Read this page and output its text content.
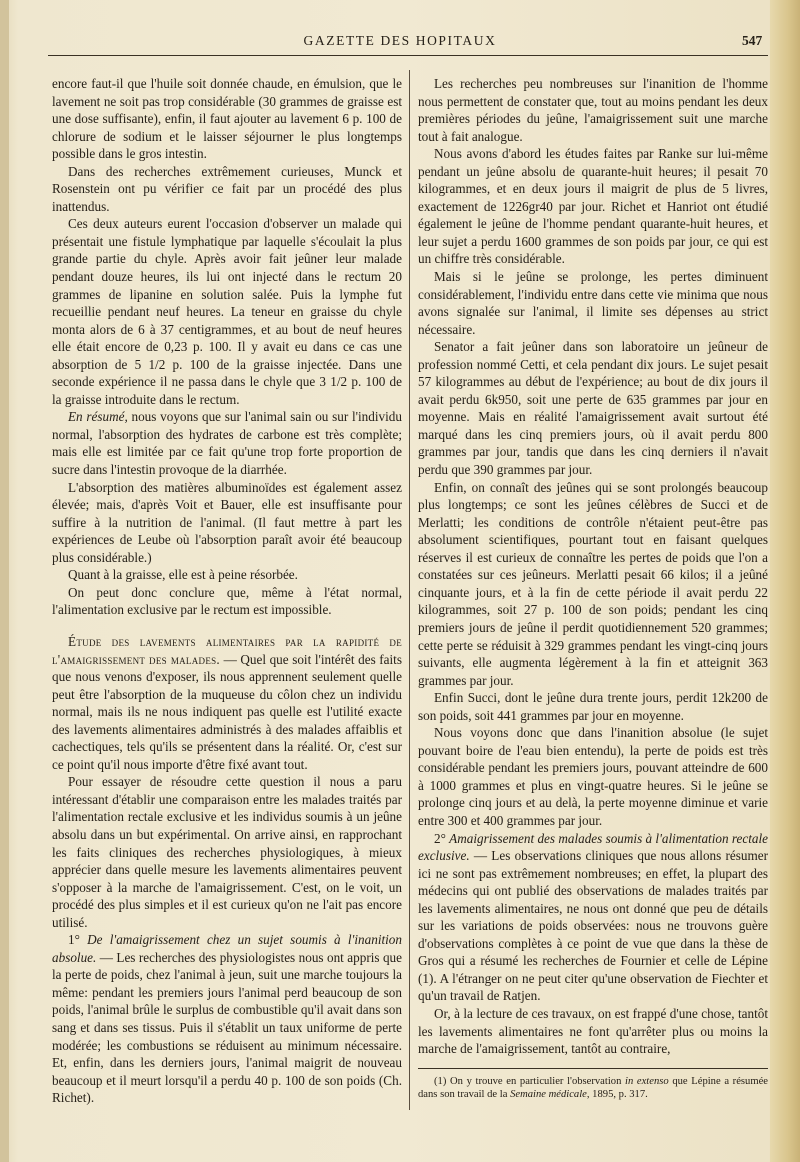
GAZETTE DES HOPITAUX	547

encore faut-il que l'huile soit donnée chaude, en émulsion, que le lavement ne soit pas trop considérable (30 grammes de graisse est une dose suffisante), enfin, il faut ajouter au lavement 6 p. 100 de chlorure de sodium et le laisser séjourner le plus longtemps possible dans le gros intestin.

Dans des recherches extrêmement curieuses, Munck et Rosenstein ont pu vérifier ce fait par un procédé des plus inattendus.

Ces deux auteurs eurent l'occasion d'observer un malade qui présentait une fistule lymphatique par laquelle s'écoulait la plus grande partie du chyle. Après avoir fait jeûner leur malade pendant douze heures, ils lui ont injecté dans le rectum 20 grammes de lipanine en solution salée. Puis la lymphe fut recueillie pendant neuf heures. La teneur en graisse du chyle monta alors de 6 à 37 centigrammes, et au bout de neuf heures elle était encore de 0,23 p. 100. Il y avait eu dans ce cas une absorption de 5 1/2 p. 100 de la graisse injectée. Dans une seconde expérience il ne passa dans le chyle que 3 1/2 p. 100 de la graisse introduite dans le rectum.

En résumé, nous voyons que sur l'animal sain ou sur l'individu normal, l'absorption des hydrates de carbone est très complète; mais elle est limitée par ce fait qu'une trop forte proportion de sucre dans l'intestin provoque de la diarrhée.

L'absorption des matières albuminoïdes est également assez élevée; mais, d'après Voit et Bauer, elle est insuffisante pour suffire à la nutrition de l'animal. (Il faut mettre à part les expériences de Leube où l'absorption paraît avoir été beaucoup plus considérable.)

Quant à la graisse, elle est à peine résorbée.

On peut donc conclure que, même à l'état normal, l'alimentation exclusive par le rectum est impossible.

Étude des lavements alimentaires par la rapidité de l'amaigrissement des malades. — Quel que soit l'intérêt des faits que nous venons d'exposer, ils nous apprennent seulement quelle peut être l'absorption de la muqueuse du côlon chez un individu normal, mais ils ne nous indiquent pas quelle est l'utilité exacte des lavements alimentaires administrés à des malades affaiblis et cachectiques, tels qu'ils se présentent dans la réalité. Or, c'est sur ce point qu'il nous importe d'être fixé avant tout.

Pour essayer de résoudre cette question il nous a paru intéressant d'établir une comparaison entre les malades traités par l'alimentation rectale exclusive et les individus soumis à un jeûne absolu dans un but expérimental. On arrive ainsi, en rapprochant les faits cliniques des recherches physiologiques, à mieux apprécier dans quelle mesure les lavements alimentaires peuvent s'opposer à la marche de l'amaigrissement. C'est, on le voit, un procédé des plus simples et il est curieux qu'on ne l'ait pas encore utilisé.

1° De l'amaigrissement chez un sujet soumis à l'inanition absolue. — Les recherches des physiologistes nous ont appris que la perte de poids, chez l'animal à jeun, suit une marche toujours la même: pendant les premiers jours l'animal perd beaucoup de son poids, l'animal brûle le surplus de combustible qu'il avait dans son sang et dans ses tissus. Puis il s'établit un taux uniforme de perte modérée; les combustions se réduisent au minimum nécessaire. Et, enfin, dans les derniers jours, l'animal maigrit de nouveau beaucoup et il meurt lorsqu'il a perdu 40 p. 100 de son poids (Ch. Richet).

Les recherches peu nombreuses sur l'inanition de l'homme nous permettent de constater que, tout au moins pendant les deux premières périodes du jeûne, l'amaigrissement suit une marche tout à fait analogue.

Nous avons d'abord les études faites par Ranke sur lui-même pendant un jeûne absolu de quarante-huit heures; il pesait 70 kilogrammes, et en deux jours il maigrit de plus de 5 livres, exactement de 1226gr40 par jour. Richet et Hanriot ont étudié également le jeûne de l'homme pendant quarante-huit heures, et leur sujet a perdu 1600 grammes de son poids par jour, ce qui est un chiffre très considérable.

Mais si le jeûne se prolonge, les pertes diminuent considérablement, l'individu entre dans cette vie minima que nous avons signalée sur l'animal, il limite ses dépenses au strict nécessaire.

Senator a fait jeûner dans son laboratoire un jeûneur de profession nommé Cetti, et cela pendant dix jours. Le sujet pesait 57 kilogrammes au début de l'expérience; au bout de dix jours il avait perdu 6k950, soit une perte de 635 grammes par jour en moyenne. Mais en réalité l'amaigrissement avait surtout été marqué dans les cinq premiers jours, où il avait perdu 800 grammes par jour, tandis que dans les cinq derniers il n'avait perdu que 390 grammes par jour.

Enfin, on connaît des jeûnes qui se sont prolongés beaucoup plus longtemps; ce sont les jeûnes célèbres de Succi et de Merlatti; les conditions de contrôle n'étaient peut-être pas absolument scientifiques, pourtant tout en faisant quelques réserves il est curieux de connaître les pertes de poids que l'on a constatées sur ces jeûneurs. Merlatti pesait 66 kilos; il a jeûné cinquante jours, et à la fin de cette période il avait perdu 22 kilogrammes, soit 27 p. 100 de son poids; pendant les cinq premiers jours de jeûne il perdit quotidiennement 520 grammes; cette perte se réduisit à 329 grammes pendant les vingt-cinq jours suivants, elle augmenta légèrement à la fin et atteignit 363 grammes par jour.

Enfin Succi, dont le jeûne dura trente jours, perdit 12k200 de son poids, soit 441 grammes par jour en moyenne.

Nous voyons donc que dans l'inanition absolue (le sujet pouvant boire de l'eau bien entendu), la perte de poids est très considérable pendant les premiers jours, pouvant atteindre de 600 à 1000 grammes et plus en vingt-quatre heures. Si le jeûne se prolonge cinq jours et au delà, la perte moyenne diminue et varie entre 300 et 400 grammes par jour.

2° Amaigrissement des malades soumis à l'alimentation rectale exclusive. — Les observations cliniques que nous allons résumer ici ne sont pas extrêmement nombreuses; en effet, la plupart des médecins qui ont publié des observations de malades traités par les lavements alimentaires, ne nous ont donné que peu de détails sur les variations de poids observées: nous ne trouvons guère d'observations complètes à ce point de vue que dans la thèse de Gros qui a résumé les recherches de Fournier et celle de Lépine (1). A l'étranger on ne peut citer qu'une observation de Fiechter et qu'un travail de Ratjen.

Or, à la lecture de ces travaux, on est frappé d'une chose, tantôt les lavements alimentaires ne font qu'arrêter plus ou moins la marche de l'amaigrissement, tantôt au contraire,

(1) On y trouve en particulier l'observation in extenso que Lépine a résumée dans son travail de la Semaine médicale, 1895, p. 317.
